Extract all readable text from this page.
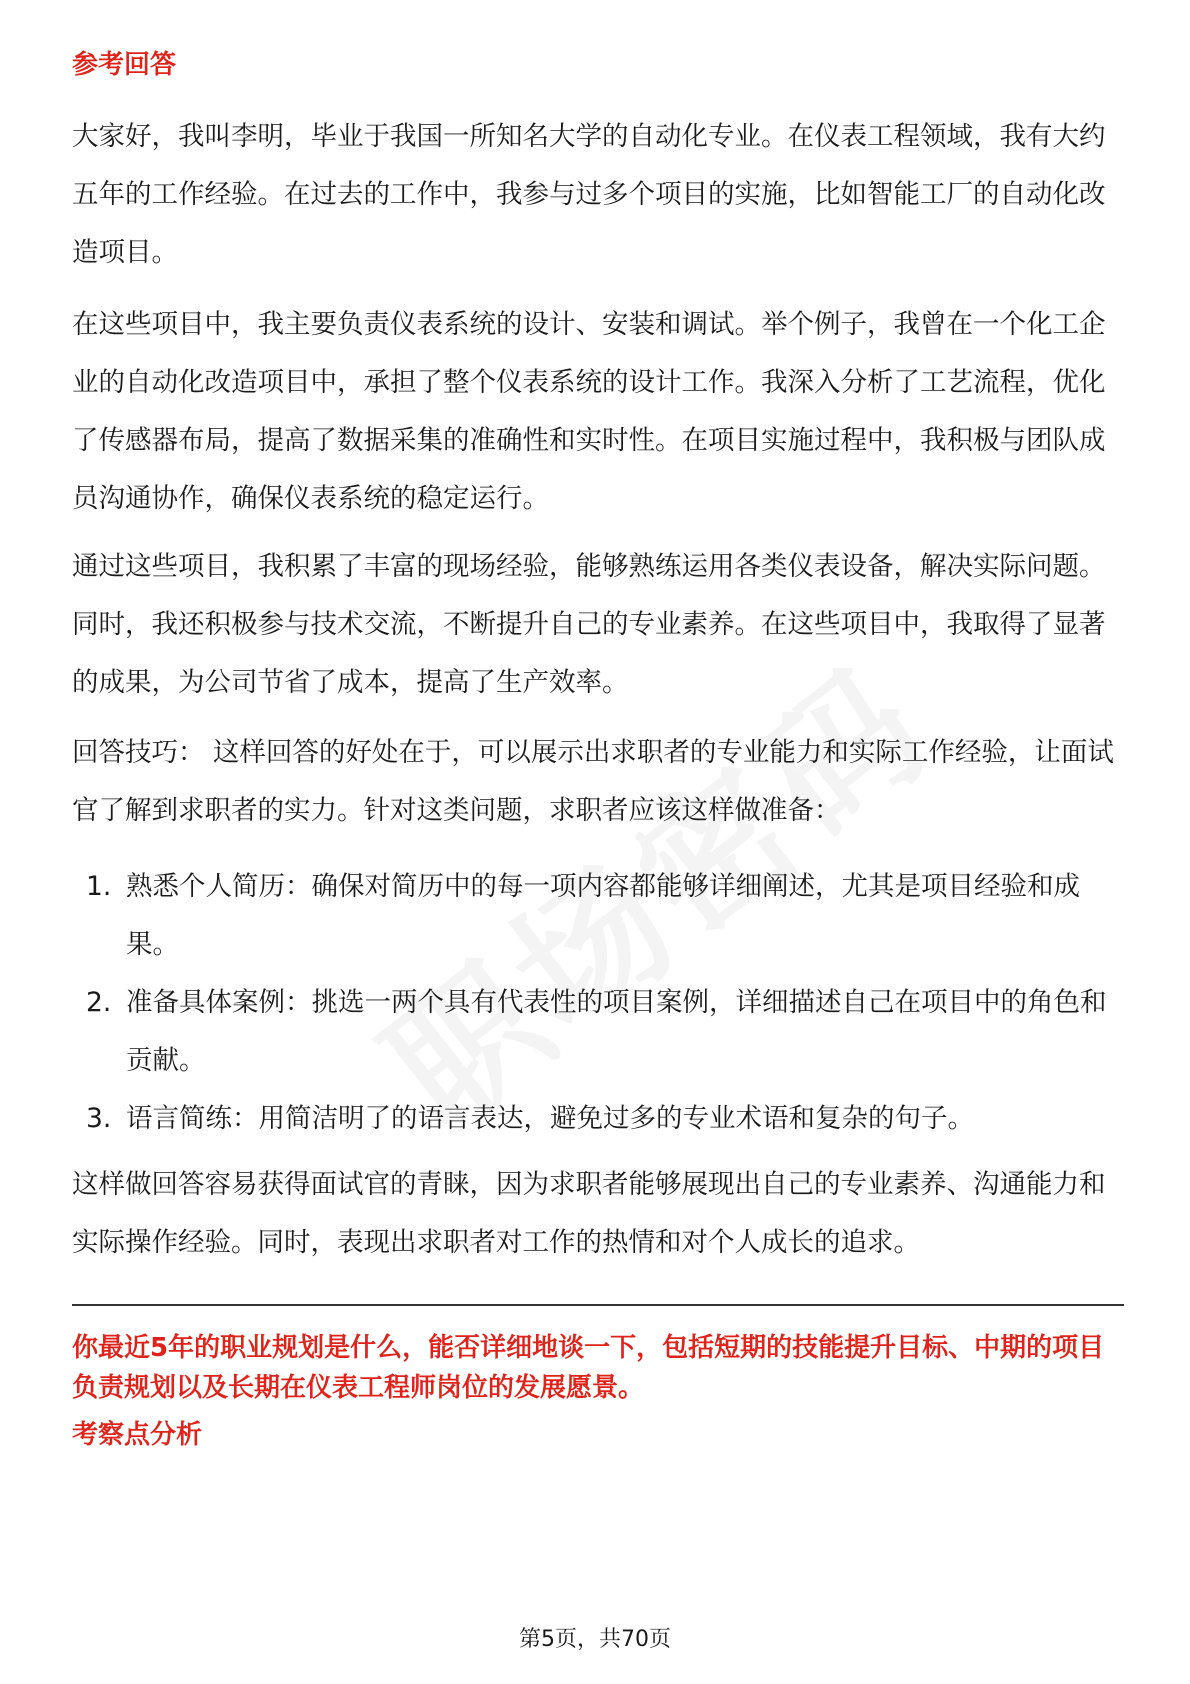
参考回答
大家好，我叫李明，毕业于我国一所知名大学的自动化专业。在仪表工程领域，我有大约五年的工作经验。在过去的工作中，我参与过多个项目的实施，比如智能工厂的自动化改造项目。
在这些项目中，我主要负责仪表系统的设计、安装和调试。举个例子，我曾在一个化工企业的自动化改造项目中，承担了整个仪表系统的设计工作。我深入分析了工艺流程，优化了传感器布局，提高了数据采集的准确性和实时性。在项目实施过程中，我积极与团队成员沟通协作，确保仪表系统的稳定运行。
通过这些项目，我积累了丰富的现场经验，能够熟练运用各类仪表设备，解决实际问题。同时，我还积极参与技术交流，不断提升自己的专业素养。在这些项目中，我取得了显著的成果，为公司节省了成本，提高了生产效率。
回答技巧： 这样回答的好处在于，可以展示出求职者的专业能力和实际工作经验，让面试官了解到求职者的实力。针对这类问题，求职者应该这样做准备：
1. 熟悉个人简历：确保对简历中的每一项内容都能够详细阐述，尤其是项目经验和成果。
2. 准备具体案例：挑选一两个具有代表性的项目案例，详细描述自己在项目中的角色和贡献。
3. 语言简练：用简洁明了的语言表达，避免过多的专业术语和复杂的句子。
这样做回答容易获得面试官的青睐，因为求职者能够展现出自己的专业素养、沟通能力和实际操作经验。同时，表现出求职者对工作的热情和对个人成长的追求。
你最近5年的职业规划是什么，能否详细地谈一下，包括短期的技能提升目标、中期的项目负责规划以及长期在仪表工程师岗位的发展愿景。
考察点分析
第5页，共70页
